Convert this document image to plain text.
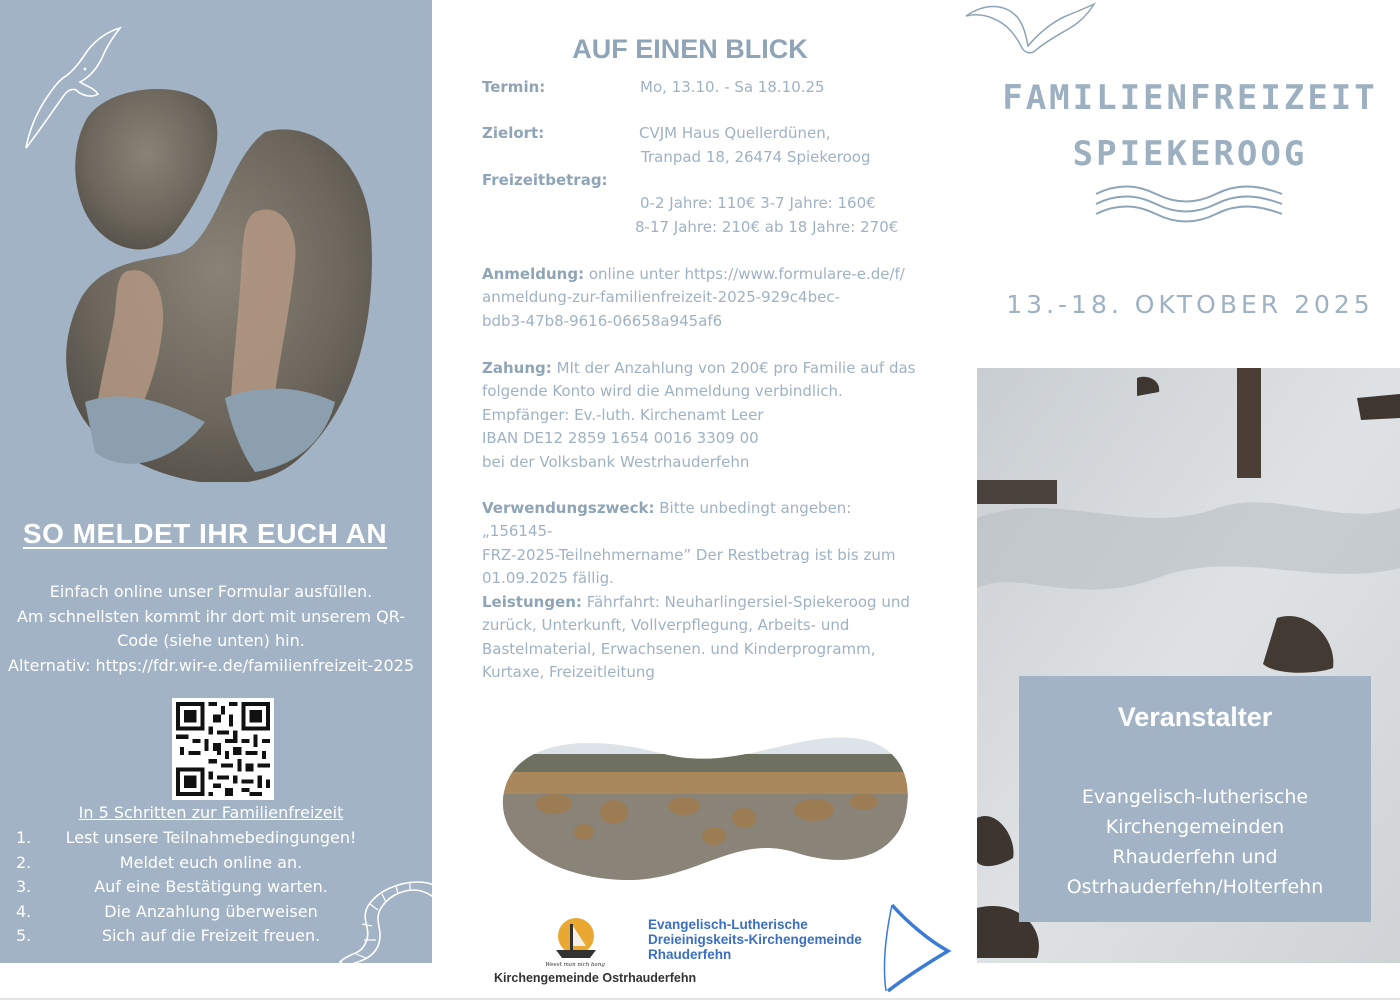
SO MELDET IHR EUCH AN
Einfach online unser Formular ausfüllen.
Am schnellsten kommt ihr dort mit unserem QR-
Code (siehe unten) hin.
Alternativ: https://fdr.wir-e.de/familienfreizeit-2025
In 5 Schritten zur Familienfreizeit
1. Lest unsere Teilnahmebedingungen!
2.	Meldet euch online an.
3.	Auf eine Bestätigung warten.
4.	Die Anzahlung überweisen
5.	Sich auf die Freizeit freuen.
AUF EINEN BLICK
Termin:	Mo, 13.10. - Sa 18.10.25
Zielort:	CVJM Haus Quellerdünen,
Tranpad 18, 26474 Spiekeroog
Freizeitbetrag:
0-2 Jahre: 110€ 3-7 Jahre: 160€
8-17 Jahre: 210€ ab 18 Jahre: 270€
Anmeldung: online unter https://www.formulare-e.de/f/
anmeldung-zur-familienfreizeit-2025-929c4bec-
bdb3-47b8-9616-06658a945af6
Zahung: MIt der Anzahlung von 200€ pro Familie auf das
folgende Konto wird die Anmeldung verbindlich.
Empfänger: Ev.-luth. Kirchenamt Leer
IBAN DE12 2859 1654 0016 3309 00
bei der Volksbank Westrhauderfehn
Verwendungszweck: Bitte unbedingt angeben: „156145-
FRZ-2025-Teilnehmername” Der Restbetrag ist bis zum
01.09.2025 fällig.
Leistungen: Fährfahrt: Neuharlingersiel-Spiekeroog und
zurück, Unterkunft, Vollverpflegung, Arbeits- und
Bastelmaterial, Erwachsenen. und Kinderprogramm,
Kurtaxe, Freizeitleitung
Weest man nich bang
Kirchengemeinde Ostrhauderfehn
Evangelisch-Lutherische
Dreieinigskeits-Kirchengemeinde
Rhauderfehn
FAMILIENFREIZEIT
SPIEKEROOG
13.-18. OKTOBER 2025
Veranstalter
Evangelisch-lutherische
Kirchengemeinden
Rhauderfehn und
Ostrhauderfehn/Holterfehn
